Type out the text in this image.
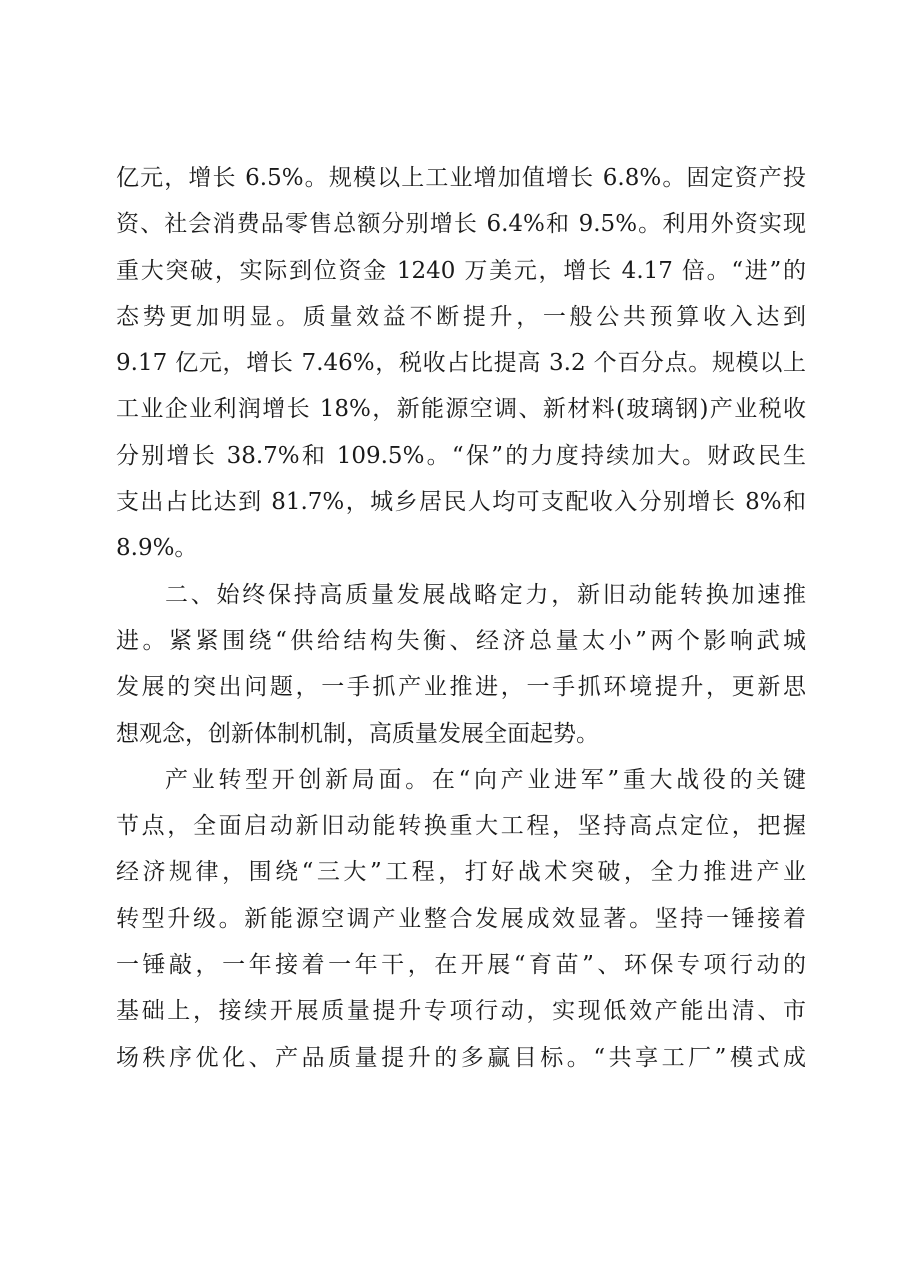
亿元，增长 6.5%。规模以上工业增加值增长 6.8%。固定资产投
资、社会消费品零售总额分别增长 6.4%和 9.5%。利用外资实现
重大突破，实际到位资金 1240 万美元，增长 4.17 倍。“进”的
态势更加明显。质量效益不断提升，一般公共预算收入达到
9.17 亿元，增长 7.46%，税收占比提高 3.2 个百分点。规模以上
工业企业利润增长 18%，新能源空调、新材料(玻璃钢)产业税收
分别增长 38.7%和 109.5%。“保”的力度持续加大。财政民生
支出占比达到 81.7%，城乡居民人均可支配收入分别增长 8%和
8.9%。
二、始终保持高质量发展战略定力，新旧动能转换加速推
进。紧紧围绕“供给结构失衡、经济总量太小”两个影响武城
发展的突出问题，一手抓产业推进，一手抓环境提升，更新思
想观念，创新体制机制，高质量发展全面起势。
产业转型开创新局面。在“向产业进军”重大战役的关键
节点，全面启动新旧动能转换重大工程，坚持高点定位，把握
经济规律，围绕“三大”工程，打好战术突破，全力推进产业
转型升级。新能源空调产业整合发展成效显著。坚持一锤接着
一锤敲，一年接着一年干，在开展“育苗”、环保专项行动的
基础上，接续开展质量提升专项行动，实现低效产能出清、市
场秩序优化、产品质量提升的多赢目标。“共享工厂”模式成
